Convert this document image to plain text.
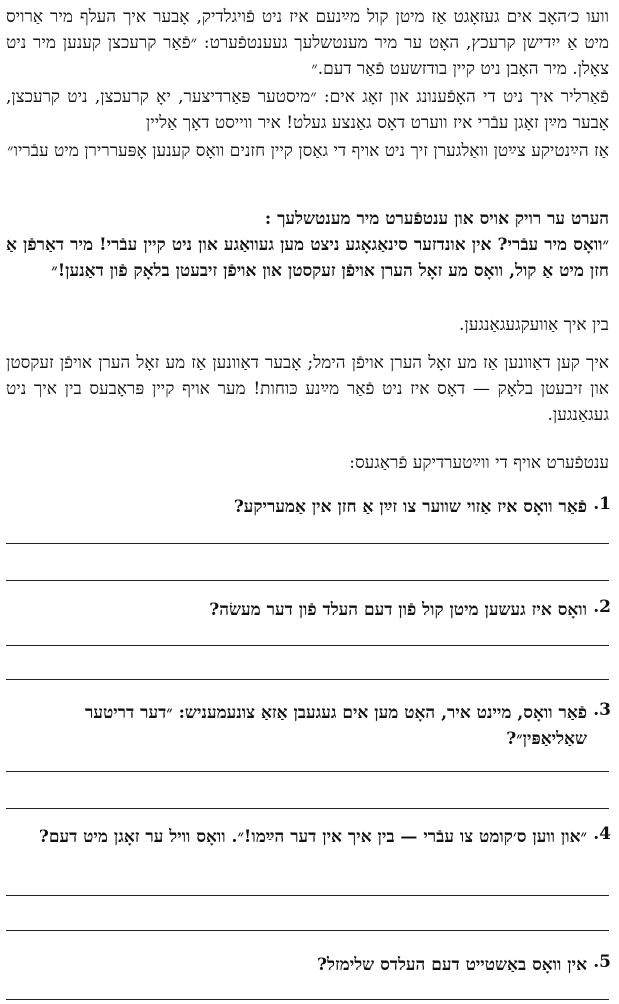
וועו כ׳האָב אים געזאָגט אַז מיטן קול מײַנעם איז ניט פֿויגלדיק, אָבער איך העלף מיר אַרויס מיט אַ ייִדישן קרעכץ, האָט ער מיר מענטשלעך געענטפֿערט: ״פֿאַר קרעכצן קענען מיר ניט צאָלן. מיר האָבן ניט קיין בודזשעט פֿאַר דעם.״
פֿאַרליר איך ניט די האָפֿענונג און זאָג אים: ״מיסטער פּאַרדיצער, יאָ קרעכצן, ניט קרעכצן, אָבער מײַן זאָגן עבֿרי איז ווערט דאָס גאַנצע געלט! איר ווייסט דאָך אַליין
אַז הײַנטיקע צײַטן וואַלגערן זיך ניט אויף די גאַסן קיין חזנים וואָס קענען אָפּעררירן מיט עבֿריו״
הערט ער רויק אויס און ענטפֿערט מיר מענטשלעך :
״וואָס מיר עבֿרי? אין אונדזער סינאַגאָגע ניצט מען געוואַגע און ניט קיין עבֿרי! מיר דאַרפֿן אַ חזן מיט אַ קול, וואָס מע זאָל הערן אויפֿן זעקסטן און אויפֿן זיבעטן בלאָק פֿון דאַנען!״
בין איך אַוועקגעגאַנגען.
איך קען דאַוונען אַז מע זאָל הערן אויפֿן הימל; אָבער דאַוונען אַז מע זאָל הערן אויפֿן זעקסטן און זיבעטן בלאָק — דאָס איז ניט פֿאַר מײַנע כּוחות! מער אויף קיין פּראָבעס בין איך ניט געגאַנגען.
ענטפֿערט אויף די ווײַטערדיקע פֿראַגעס:
1.
פֿאַר וואָס איז אַזוי שווער צו זײַן אַ חזן אין אַמעריקע?
2.
וואָס איז געשען מיטן קול פֿון דעם העלד פֿון דער מעשׂה?
3.
פֿאַר וואָס, מיינט איר, האָט מען אים געגעבן אַזאַ צונעמעניש: ״דער דריטער שאַליאַפּין״?
4.
״און ווען ס׳קומט צו עבֿרי — בין איך אין דער הײַמו!״. וואָס וויל ער זאָגן מיט דעם?
5.
אין וואָס באַשטייט דעם העלדס שלימזל?
